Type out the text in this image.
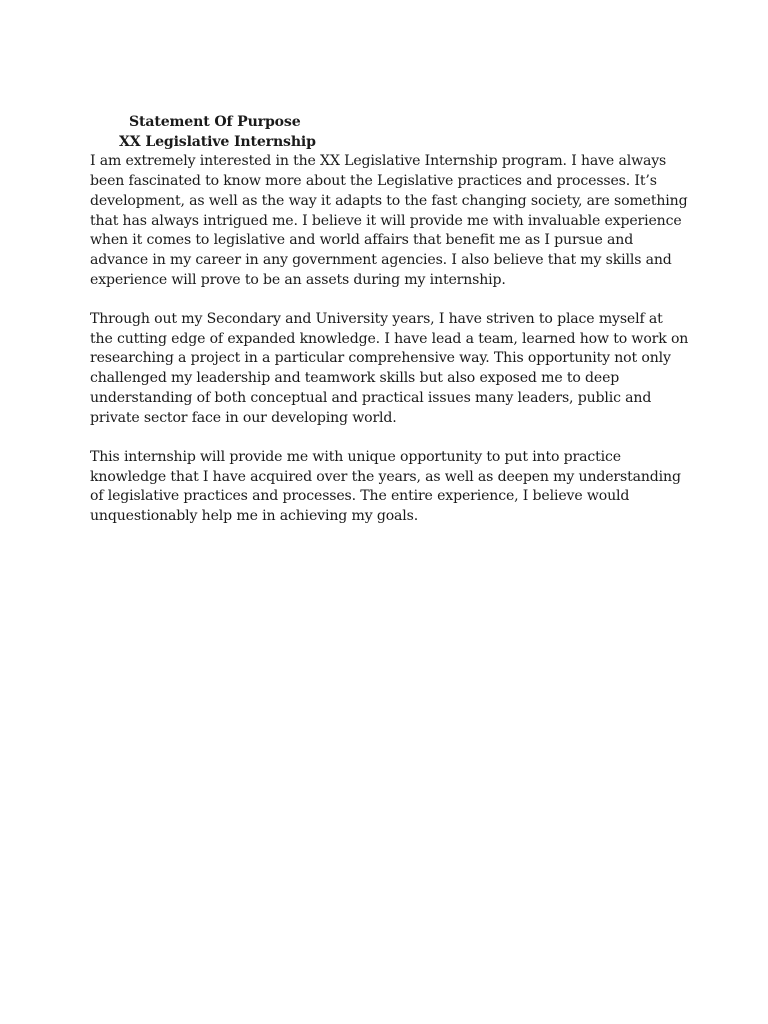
Statement Of Purpose

XX Legislative Internship

I am extremely interested in the XX Legislative Internship program. I have always
been fascinated to know more about the Legislative practices and processes. It’s
development, as well as the way it adapts to the fast changing society, are something
that has always intrigued me. I believe it will provide me with invaluable experience
when it comes to legislative and world affairs that benefit me as I pursue and
advance in my career in any government agencies. I also believe that my skills and
experience will prove to be an assets during my internship.

Through out my Secondary and University years, I have striven to place myself at
the cutting edge of expanded knowledge. I have lead a team, learned how to work on
researching a project in a particular comprehensive way. This opportunity not only
challenged my leadership and teamwork skills but also exposed me to deep
understanding of both conceptual and practical issues many leaders, public and
private sector face in our developing world.

This internship will provide me with unique opportunity to put into practice
knowledge that I have acquired over the years, as well as deepen my understanding
of legislative practices and processes. The entire experience, I believe would
unquestionably help me in achieving my goals.
